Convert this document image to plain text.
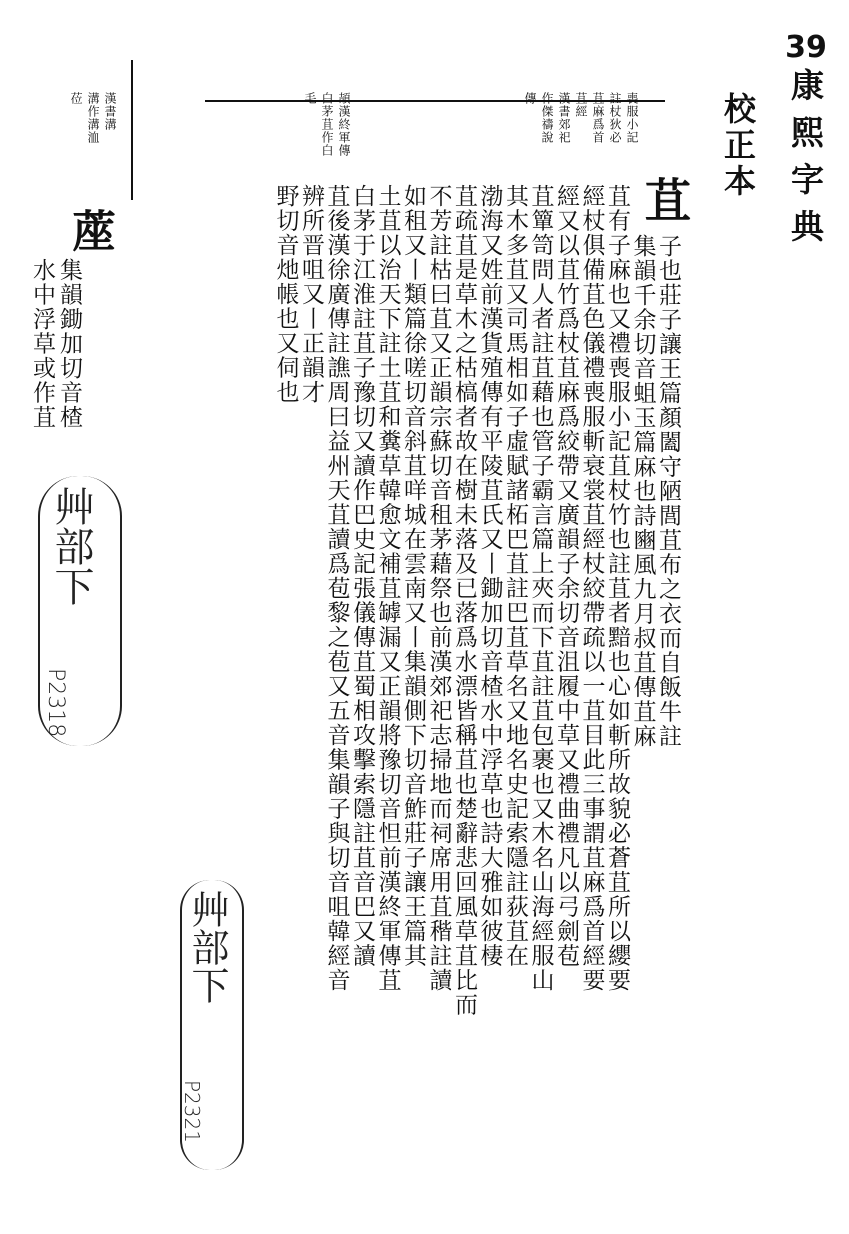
39
康熙字典
校正本
喪服小記
註杖狄必
苴麻爲首
苴經
漢書郊祀
作傑禱說
傳
頡漢終軍傳
白茅苴作白
毛
漢書溝
溝作溝洫
莅
苴
子也莊子讓王篇顏闔守陋閭苴布之衣而自飯牛註
集韻千余切音蛆玉篇麻也詩豳風九月叔苴傳苴麻
苴有子麻也又禮喪服小記苴杖竹也註苴者黯也心如斬所故貌必蒼苴所以纓要
經杖俱備苴色儀禮喪服斬衰裳苴經杖絞帶疏以一苴目此三事謂苴麻爲首經要
經又以苴竹爲杖苴麻爲絞帶又廣韻子余切音沮履中草又禮曲禮凡以弓劍苞
苴簞笥問人者註苴藉也管子霸言篇上夾而下苴註苴包裹也又木名山海經服山
其木多苴又司馬相如子虛賦諸柘巴苴註巴苴草名又地名史記索隱註荻苴在
渤海又姓前漢貨殖傳有平陵苴氏又丨鋤加切音楂水中浮草也詩大雅如彼棲
苴疏苴是草木之枯槁者故在樹未落及已落爲水漂皆稱苴也楚辭悲回風草苴比而
不芳註枯曰苴又正韻宗蘇切音租茅藉祭也前漢郊祀志掃地而祠席用苴稭註讀
如租又丨類篇徐嗟切音斜苴咩城在雲南又丨集韻側下切音鮓莊子讓王篇其
土苴以治天下註土苴和糞草韓愈文補苴罅漏又正韻將豫切音怛前漢終軍傳苴
白茅于江淮註苴子豫切又讀作巴史記張儀傳苴蜀相攻擊索隱註苴音巴又讀
苴後漢徐廣傳註譙周曰益州天苴讀爲苞黎之苞又五音集韻子與切音咀韓經音
辨所晋咀又丨正韻才
野切音灺帳也又伺也
蓙
集韻鋤加切音楂
水中浮草或作苴
艸部下
P2318
艸部下
P2321
